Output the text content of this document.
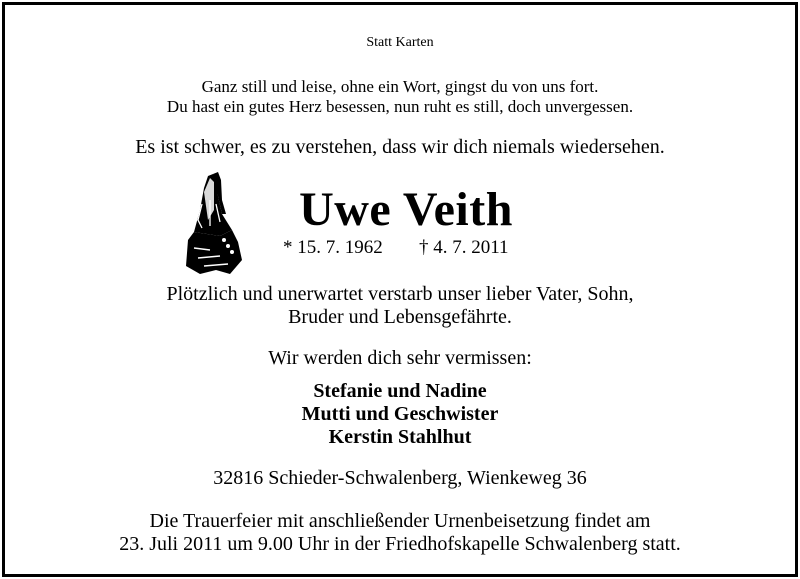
Statt Karten
Ganz still und leise, ohne ein Wort, gingst du von uns fort.
Du hast ein gutes Herz besessen, nun ruht es still, doch unvergessen.
Es ist schwer, es zu verstehen, dass wir dich niemals wiedersehen.
Uwe Veith
* 15. 7. 1962 † 4. 7. 2011
Plötzlich und unerwartet verstarb unser lieber Vater, Sohn,
Bruder und Lebensgefährte.
Wir werden dich sehr vermissen:
Stefanie und Nadine
Mutti und Geschwister
Kerstin Stahlhut
32816 Schieder-Schwalenberg, Wienkeweg 36
Die Trauerfeier mit anschließender Urnenbeisetzung findet am
23. Juli 2011 um 9.00 Uhr in der Friedhofskapelle Schwalenberg statt.
